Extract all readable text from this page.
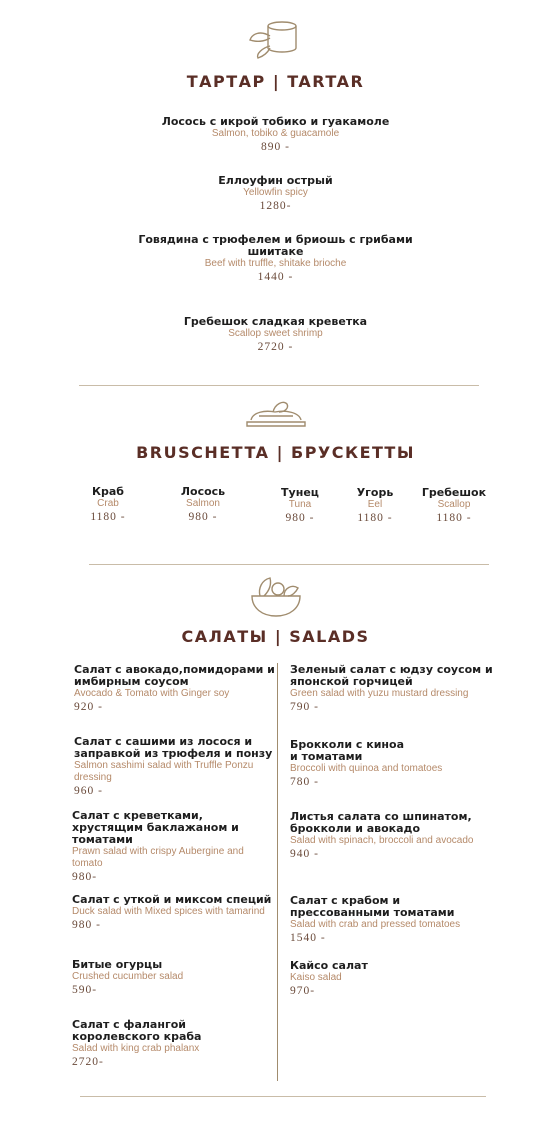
ТАРТАР | TARTAR
Лосось с икрой тобико и гуакамоле
Salmon, tobiko & guacamole
890 -
Еллоуфин острый
Yellowfin spicy
1280-
Говядина с трюфелем и бриошь с грибами шиитаке
Beef with truffle, shitake brioche
1440 -
Гребешок сладкая креветка
Scallop sweet shrimp
2720 -
BRUSCHETTA | БРУСКЕТТЫ
Краб
Crab
1180 -
Лосось
Salmon
980 -
Тунец
Tuna
980 -
Угорь
Eel
1180 -
Гребешок
Scallop
1180 -
САЛАТЫ | SALADS
Салат с авокадо,помидорами и имбирным соусом
Avocado & Tomato with Ginger soy
920 -
Салат с сашими из лосося и заправкой из трюфеля и понзу
Salmon sashimi salad with Truffle Ponzu dressing
960 -
Салат с креветками, хрустящим баклажаном и томатами
Prawn salad with crispy Aubergine and tomato
980-
Салат с уткой и миксом специй
Duck salad with Mixed spices with tamarind
980 -
Битые огурцы
Crushed cucumber salad
590-
Салат с фалангой королевского краба
Salad with king crab phalanx
2720-
Зеленый салат с юдзу соусом и японской горчицей
Green salad with yuzu mustard dressing
790 -
Брокколи с киноа и томатами
Broccoli with quinoa and tomatoes
780 -
Листья салата со шпинатом, брокколи и авокадо
Salad with spinach, broccoli and avocado
940 -
Салат с крабом и прессованными томатами
Salad with crab and pressed tomatoes
1540 -
Кайсо салат
Kaiso salad
970-
